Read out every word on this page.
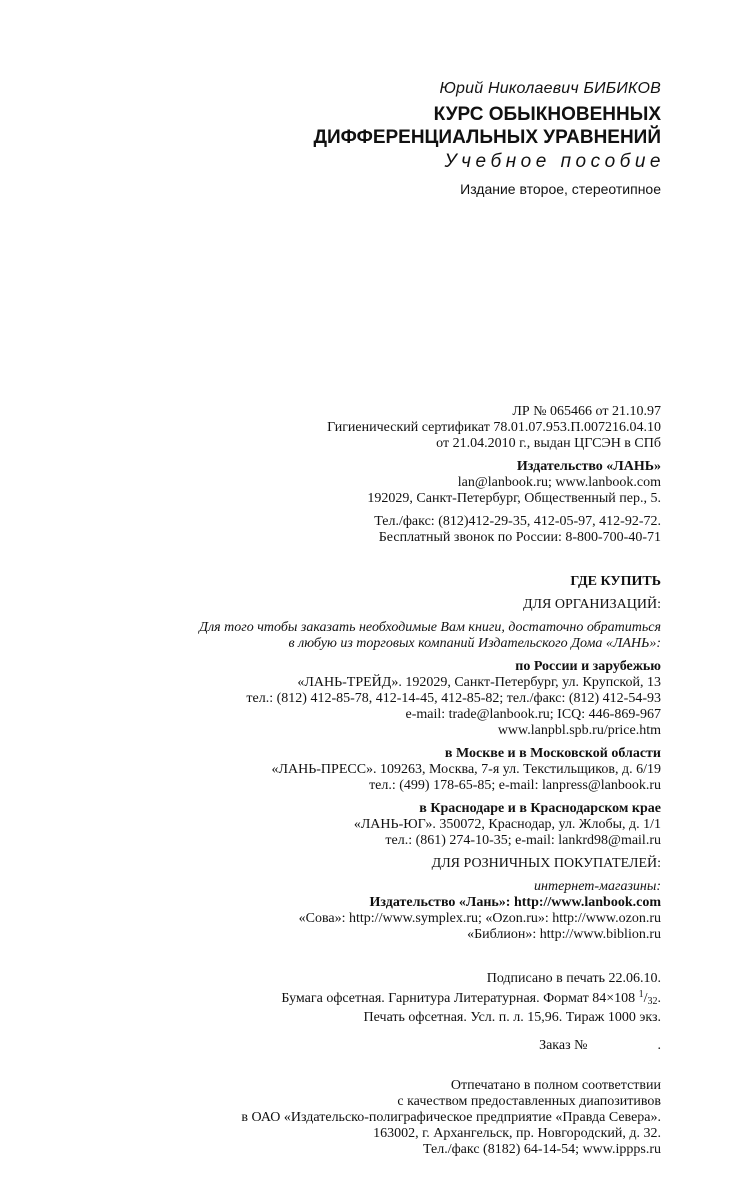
Юрий Николаевич БИБИКОВ
КУРС ОБЫКНОВЕННЫХ
ДИФФЕРЕНЦИАЛЬНЫХ УРАВНЕНИЙ
Учебное пособие
Издание второе, стереотипное
ЛР № 065466 от 21.10.97
Гигиенический сертификат 78.01.07.953.П.007216.04.10
от 21.04.2010 г., выдан ЦГСЭН в СПб
Издательство «ЛАНЬ»
lan@lanbook.ru; www.lanbook.com
192029, Санкт-Петербург, Общественный пер., 5.
Тел./факс: (812)412-29-35, 412-05-97, 412-92-72.
Бесплатный звонок по России: 8-800-700-40-71
ГДЕ КУПИТЬ
ДЛЯ ОРГАНИЗАЦИЙ:
Для того чтобы заказать необходимые Вам книги, достаточно обратиться
в любую из торговых компаний Издательского Дома «ЛАНЬ»:
по России и зарубежью
«ЛАНЬ-ТРЕЙД». 192029, Санкт-Петербург, ул. Крупской, 13
тел.: (812) 412-85-78, 412-14-45, 412-85-82; тел./факс: (812) 412-54-93
e-mail: trade@lanbook.ru; ICQ: 446-869-967
www.lanpbl.spb.ru/price.htm
в Москве и в Московской области
«ЛАНЬ-ПРЕСС». 109263, Москва, 7-я ул. Текстильщиков, д. 6/19
тел.: (499) 178-65-85; e-mail: lanpress@lanbook.ru
в Краснодаре и в Краснодарском крае
«ЛАНЬ-ЮГ». 350072, Краснодар, ул. Жлобы, д. 1/1
тел.: (861) 274-10-35; e-mail: lankrd98@mail.ru
ДЛЯ РОЗНИЧНЫХ ПОКУПАТЕЛЕЙ:
интернет-магазины:
Издательство «Лань»: http://www.lanbook.com
«Сова»: http://www.symplex.ru; «Ozon.ru»: http://www.ozon.ru
«Библион»: http://www.biblion.ru
Подписано в печать 22.06.10.
Бумага офсетная. Гарнитура Литературная. Формат 84×108 $^1/_{32}$.
Печать офсетная. Усл. п. л. 15,96. Тираж 1000 экз.
Заказ №	.
Отпечатано в полном соответствии
с качеством предоставленных диапозитивов
в ОАО «Издательско-полиграфическое предприятие «Правда Севера».
163002, г. Архангельск, пр. Новгородский, д. 32.
Тел./факс (8182) 64-14-54; www.ippps.ru
